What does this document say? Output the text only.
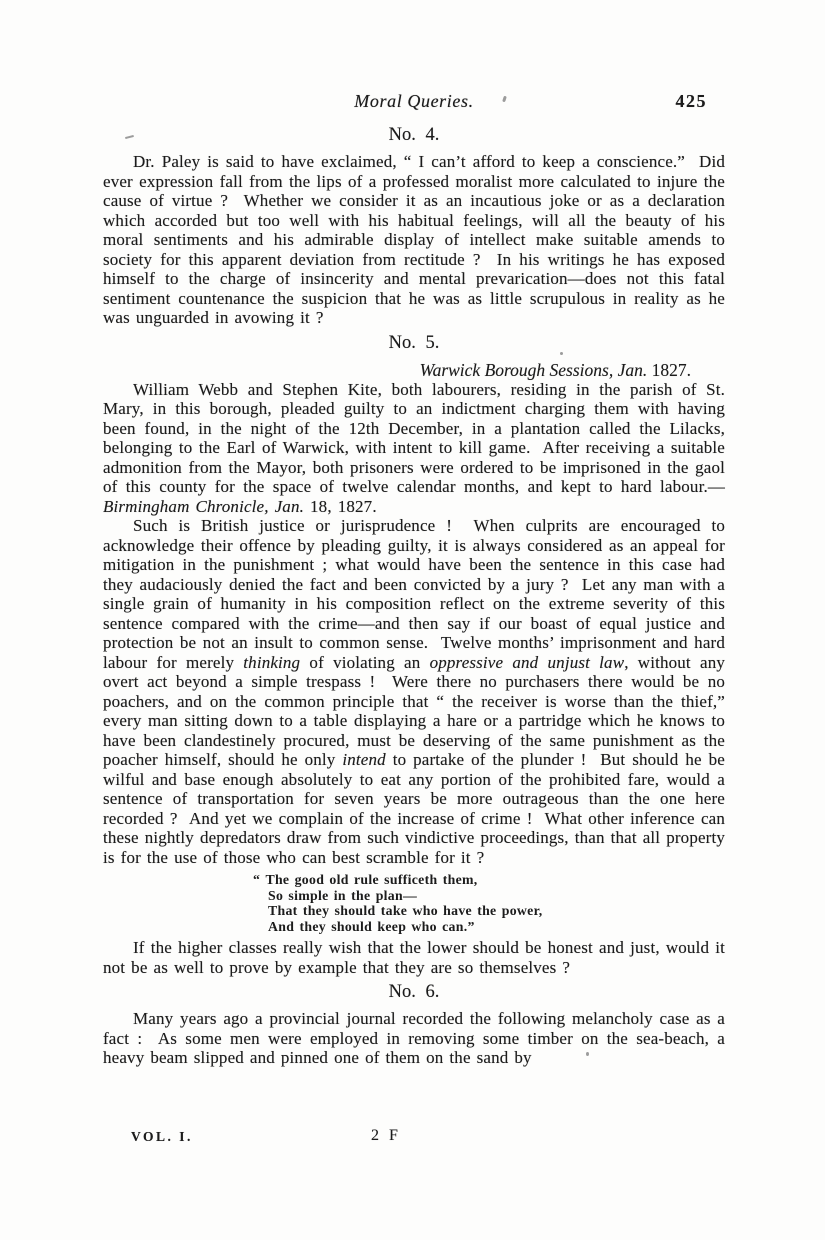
Moral Queries.	425
No. 4.

Dr. Paley is said to have exclaimed, “ I can’t afford to keep a conscience.”  Did ever expression fall from the lips of a professed moralist more calculated to injure the cause of virtue ?  Whether we consider it as an incautious joke or as a declaration which accorded but too well with his habitual feelings, will all the beauty of his moral sentiments and his admirable display of intellect make suitable amends to society for this apparent deviation from rectitude ?  In his writings he has exposed himself to the charge of insincerity and mental prevarication—does not this fatal sentiment countenance the suspicion that he was as little scrupulous in reality as he was unguarded in avowing it ?

No. 5.
Warwick Borough Sessions, Jan. 1827.

William Webb and Stephen Kite, both labourers, residing in the parish of St. Mary, in this borough, pleaded guilty to an indictment charging them with having been found, in the night of the 12th December, in a plantation called the Lilacks, belonging to the Earl of Warwick, with intent to kill game.  After receiving a suitable admonition from the Mayor, both prisoners were ordered to be imprisoned in the gaol of this county for the space of twelve calendar months, and kept to hard labour.—Birmingham Chronicle, Jan. 18, 1827.

Such is British justice or jurisprudence !  When culprits are encouraged to acknowledge their offence by pleading guilty, it is always considered as an appeal for mitigation in the punishment ; what would have been the sentence in this case had they audaciously denied the fact and been convicted by a jury ?  Let any man with a single grain of humanity in his composition reflect on the extreme severity of this sentence compared with the crime—and then say if our boast of equal justice and protection be not an insult to common sense.  Twelve months’ imprisonment and hard labour for merely thinking of violating an oppressive and unjust law, without any overt act beyond a simple trespass !  Were there no purchasers there would be no poachers, and on the common principle that “ the receiver is worse than the thief,” every man sitting down to a table displaying a hare or a partridge which he knows to have been clandestinely procured, must be deserving of the same punishment as the poacher himself, should he only intend to partake of the plunder !  But should he be wilful and base enough absolutely to eat any portion of the prohibited fare, would a sentence of transportation for seven years be more outrageous than the one here recorded ?  And yet we complain of the increase of crime !  What other inference can these nightly depredators draw from such vindictive proceedings, than that all property is for the use of those who can best scramble for it ?

“ The good old rule sufficeth them,
So simple in the plan—
That they should take who have the power,
And they should keep who can.”

If the higher classes really wish that the lower should be honest and just, would it not be as well to prove by example that they are so themselves ?

No. 6.

Many years ago a provincial journal recorded the following melancholy case as a fact :  As some men were employed in removing some timber on the sea-beach, a heavy beam slipped and pinned one of them on the sand by

VOL. I.	2 F
